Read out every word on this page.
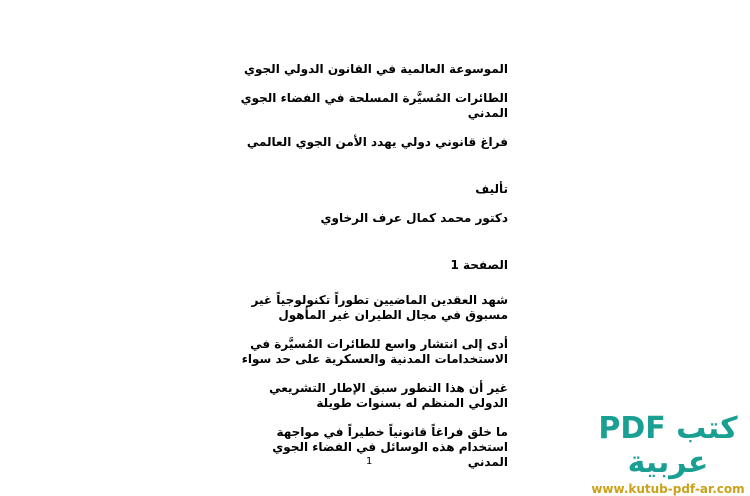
الموسوعة العالمية في القانون الدولي الجوي

الطائرات المُسيَّرة المسلحة في الفضاء الجوي المدني

فراغ قانوني دولي يهدد الأمن الجوي العالمي

تأليف

دكتور محمد كمال عرف الرخاوي

الصفحة 1

شهد العقدين الماضيين تطوراً تكنولوجياً غير مسبوق في مجال الطيران غير المأهول

أدى إلى انتشار واسع للطائرات المُسيَّرة في الاستخدامات المدنية والعسكرية على حد سواء

غير أن هذا التطور سبق الإطار التشريعي الدولي المنظم له بسنوات طويلة

ما خلق فراغاً قانونياً خطيراً في مواجهة استخدام هذه الوسائل في الفضاء الجوي المدني

1
كتب PDF عربية
www.kutub-pdf-ar.com
